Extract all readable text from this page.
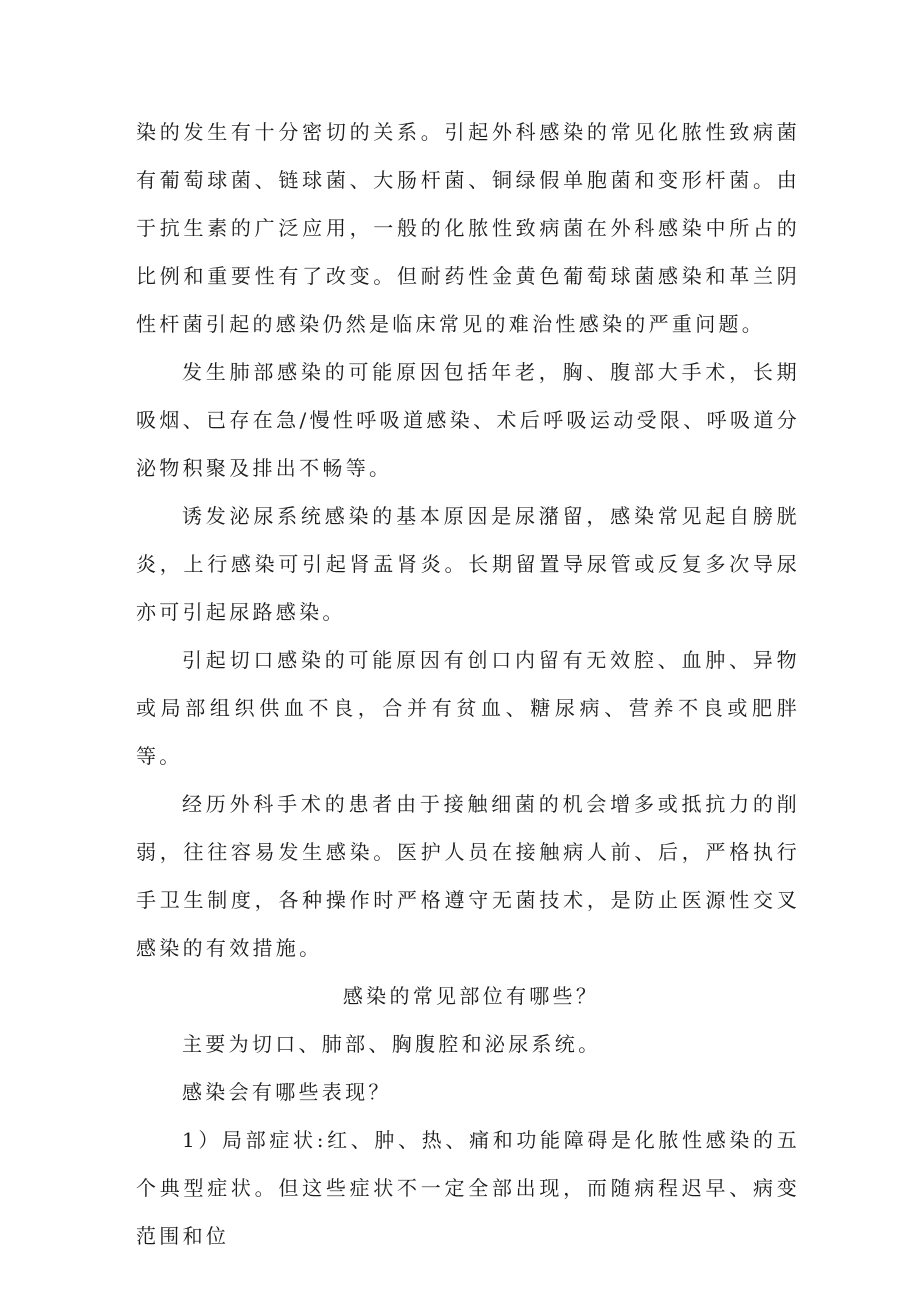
染的发生有十分密切的关系。引起外科感染的常见化脓性致病菌有葡萄球菌、链球菌、大肠杆菌、铜绿假单胞菌和变形杆菌。由于抗生素的广泛应用，一般的化脓性致病菌在外科感染中所占的比例和重要性有了改变。但耐药性金黄色葡萄球菌感染和革兰阴性杆菌引起的感染仍然是临床常见的难治性感染的严重问题。

发生肺部感染的可能原因包括年老，胸、腹部大手术，长期吸烟、已存在急/慢性呼吸道感染、术后呼吸运动受限、呼吸道分泌物积聚及排出不畅等。

诱发泌尿系统感染的基本原因是尿潴留，感染常见起自膀胱炎，上行感染可引起肾盂肾炎。长期留置导尿管或反复多次导尿亦可引起尿路感染。

引起切口感染的可能原因有创口内留有无效腔、血肿、异物或局部组织供血不良，合并有贫血、糖尿病、营养不良或肥胖等。

经历外科手术的患者由于接触细菌的机会增多或抵抗力的削弱，往往容易发生感染。医护人员在接触病人前、后，严格执行手卫生制度，各种操作时严格遵守无菌技术，是防止医源性交叉感染的有效措施。

感染的常见部位有哪些？

主要为切口、肺部、胸腹腔和泌尿系统。

感染会有哪些表现？

1）局部症状:红、肿、热、痛和功能障碍是化脓性感染的五个典型症状。但这些症状不一定全部出现，而随病程迟早、病变范围和位
